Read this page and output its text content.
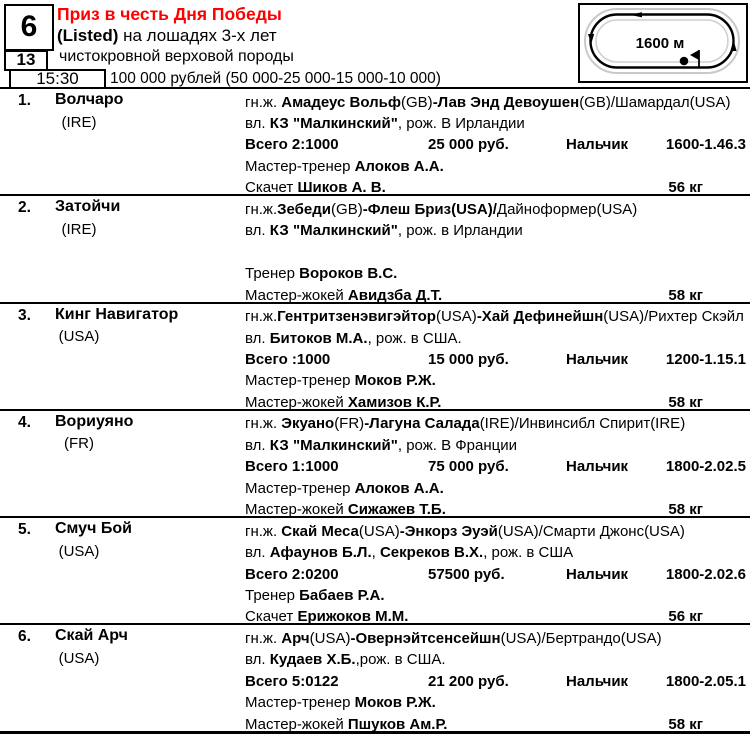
6
13
15:30
Приз в честь Дня Победы
(Listed) на лошадях 3-х лет
чистокровной верховой породы
100 000 рублей (50 000-25 000-15 000-10 000)
1600 м
1. Волчаро
(IRE)
гн.ж. Амадеус Вольф(GB)-Лав Энд Девоушен(GB)/Шамардал(USA)
вл. КЗ "Малкинский", рож. В Ирландии
Всего 2:1000	25 000 руб.	Нальчик	1600-1.46.3
Мастер-тренер Алоков А.А.
Скачет Шиков А. В.	56 кг
2. Затойчи
(IRE)
гн.ж.Зебеди(GB)-Флеш Бриз(USA)/Дайноформер(USA)
вл. КЗ "Малкинский", рож. в Ирландии
Тренер Вороков В.С.
Мастер-жокей Авидзба Д.Т.	58 кг
3. Кинг Навигатор
(USA)
гн.ж.Гентритзенэвигэйтор(USA)-Хай Дефинейшн(USA)/Рихтер Скэйл
вл. Битоков М.А., рож. в США.
Всего :1000	15 000 руб.	Нальчик	1200-1.15.1
Мастер-тренер Моков Р.Ж.
Мастер-жокей Хамизов К.Р.	58 кг
4. Вориуяно
(FR)
гн.ж. Экуано(FR)-Лагуна Салада(IRE)/Инвинсибл Спирит(IRE)
вл. КЗ "Малкинский", рож. В Франции
Всего 1:1000	75 000 руб.	Нальчик	1800-2.02.5
Мастер-тренер Алоков А.А.
Мастер-жокей Сижажев Т.Б.	58 кг
5. Смуч Бой
(USA)
гн.ж. Скай Меса(USA)-Энкорз Эуэй(USA)/Смарти Джонс(USA)
вл. Афаунов Б.Л., Секреков В.Х., рож. в США
Всего 2:0200	57500 руб.	Нальчик	1800-2.02.6
Тренер Бабаев Р.А.
Скачет Ерижоков М.М.	56 кг
6. Скай Арч
(USA)
гн.ж. Арч(USA)-Овернэйтсенсейшн(USA)/Бертрандо(USA)
вл. Кудаев Х.Б.,рож. в США.
Всего 5:0122	21 200 руб.	Нальчик	1800-2.05.1
Мастер-тренер Моков Р.Ж.
Мастер-жокей Пшуков Ам.Р.	58 кг
